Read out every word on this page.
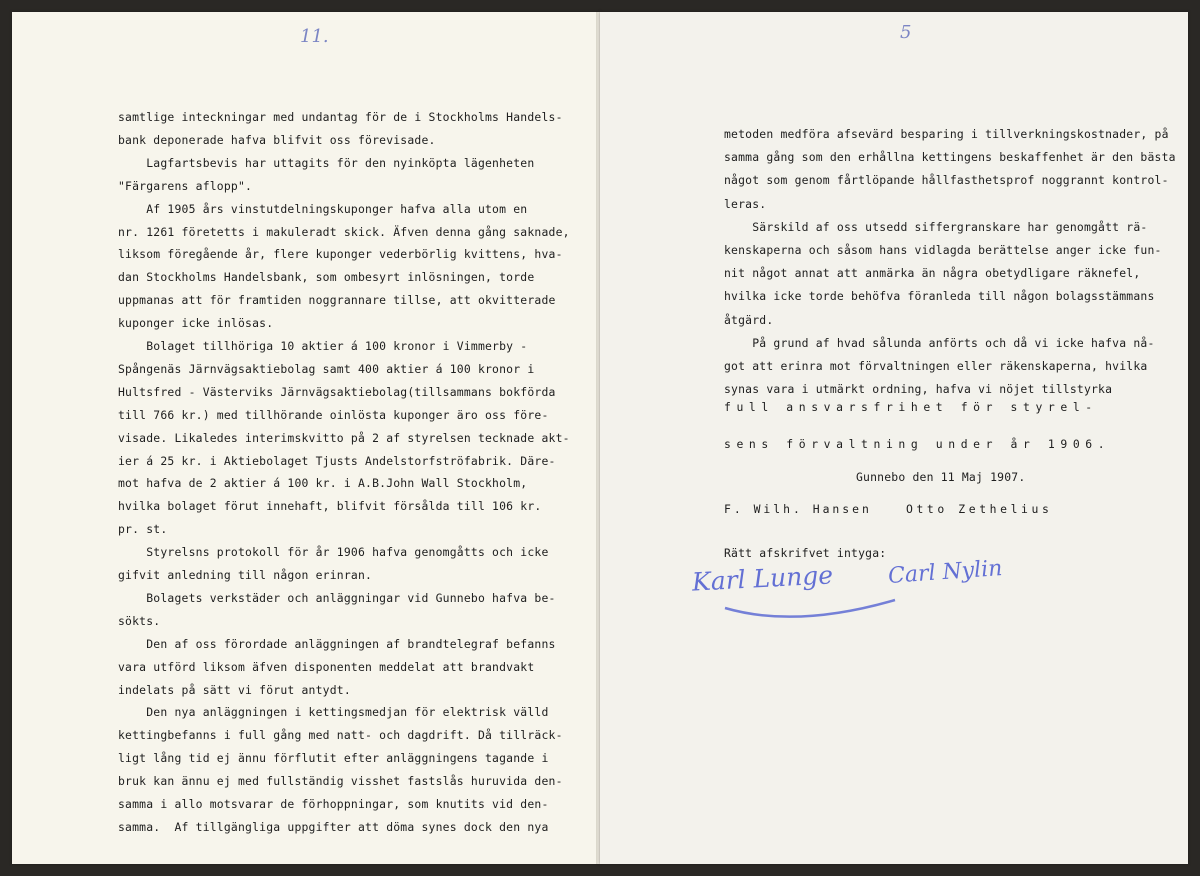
11.
samtlige inteckningar med undantag för de i Stockholms Handels-
bank deponerade hafva blifvit oss förevisade.
Lagfartsbevis har uttagits för den nyinköpta lägenheten
"Färgarens aflopp".
Af 1905 års vinstutdelningskuponger hafva alla utom en
nr. 1261 företetts i makuleradt skick. Äfven denna gång saknade,
liksom föregående år, flere kuponger vederbörlig kvittens, hva-
dan Stockholms Handelsbank, som ombesyrt inlösningen, torde
uppmanas att för framtiden noggrannare tillse, att okvitterade
kuponger icke inlösas.
Bolaget tillhöriga 10 aktier á 100 kronor i Vimmerby -
Spångenäs Järnvägsaktiebolag samt 400 aktier á 100 kronor i
Hultsfred - Västerviks Järnvägsaktiebolag(tillsammans bokförda
till 766 kr.) med tillhörande oinlösta kuponger äro oss före-
visade. Likaledes interimskvitto på 2 af styrelsen tecknade akt-
ier á 25 kr. i Aktiebolaget Tjusts Andelstorfströfabrik. Däre-
mot hafva de 2 aktier á 100 kr. i A.B.John Wall Stockholm,
hvilka bolaget förut innehaft, blifvit försålda till 106 kr.
pr. st.
Styrelsns protokoll för år 1906 hafva genomgåtts och icke
gifvit anledning till någon erinran.
Bolagets verkstäder och anläggningar vid Gunnebo hafva be-
sökts.
Den af oss förordade anläggningen af brandtelegraf befanns
vara utförd liksom äfven disponenten meddelat att brandvakt
indelats på sätt vi förut antydt.
Den nya anläggningen i kettingsmedjan för elektrisk välld
kettingbefanns i full gång med natt- och dagdrift. Då tillräck-
ligt lång tid ej ännu förflutit efter anläggningens tagande i
bruk kan ännu ej med fullständig visshet fastslås huruvida den-
samma i allo motsvarar de förhoppningar, som knutits vid den-
samma.  Af tillgängliga uppgifter att döma synes dock den nya
5
metoden medföra afsevärd besparing i tillverkningskostnader, på
samma gång som den erhållna kettingens beskaffenhet är den bästa
något som genom fårtlöpande hållfasthetsprof noggrannt kontrol-
leras.
Särskild af oss utsedd siffergranskare har genomgått rä-
kenskaperna och såsom hans vidlagda berättelse anger icke fun-
nit något annat att anmärka än några obetydligare räknefel,
hvilka icke torde behöfva föranleda till någon bolagsstämmans
åtgärd.
På grund af hvad sålunda anförts och då vi icke hafva nå-
got att erinra mot förvaltningen eller räkenskaperna, hvilka
synas vara i utmärkt ordning, hafva vi nöjet tillstyrka
full ansvarsfrihet för styrel-
sens förvaltning under år 1906.
Gunnebo den 11 Maj 1907.
F. Wilh. Hansen	Otto Zethelius
Rätt afskrifvet intyga:
Karl Lunge Carl Nylin
